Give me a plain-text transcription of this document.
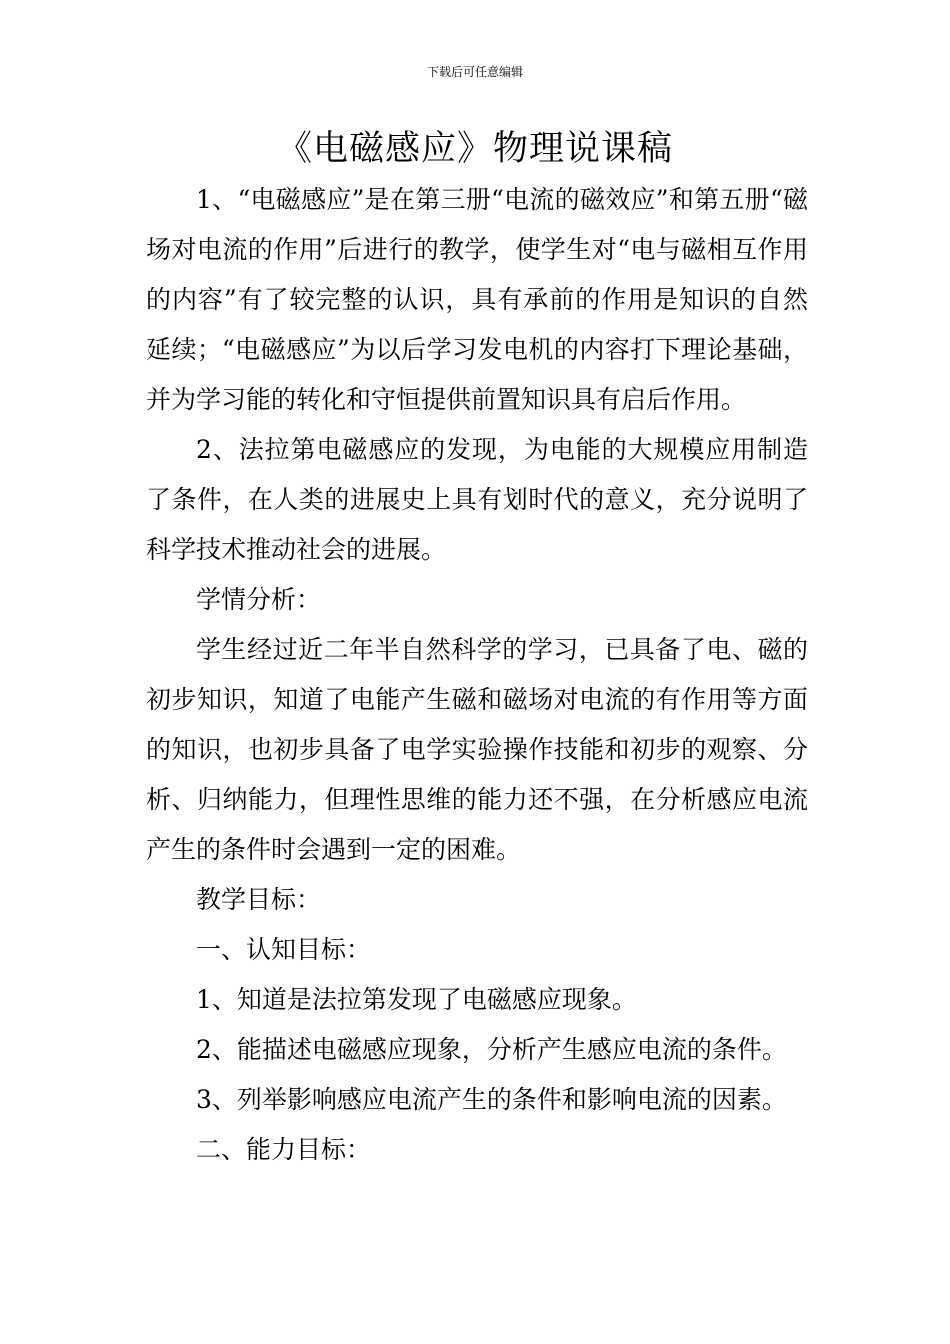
下载后可任意编辑
《电磁感应》物理说课稿

1、“电磁感应”是在第三册“电流的磁效应”和第五册“磁场对电流的作用”后进行的教学，使学生对“电与磁相互作用的内容”有了较完整的认识，具有承前的作用是知识的自然延续；“电磁感应”为以后学习发电机的内容打下理论基础，并为学习能的转化和守恒提供前置知识具有启后作用。

2、法拉第电磁感应的发现，为电能的大规模应用制造了条件，在人类的进展史上具有划时代的意义，充分说明了科学技术推动社会的进展。

学情分析：

学生经过近二年半自然科学的学习，已具备了电、磁的初步知识，知道了电能产生磁和磁场对电流的有作用等方面的知识，也初步具备了电学实验操作技能和初步的观察、分析、归纳能力，但理性思维的能力还不强，在分析感应电流产生的条件时会遇到一定的困难。

教学目标：

一、认知目标：

1、知道是法拉第发现了电磁感应现象。

2、能描述电磁感应现象，分析产生感应电流的条件。

3、列举影响感应电流产生的条件和影响电流的因素。

二、能力目标：
